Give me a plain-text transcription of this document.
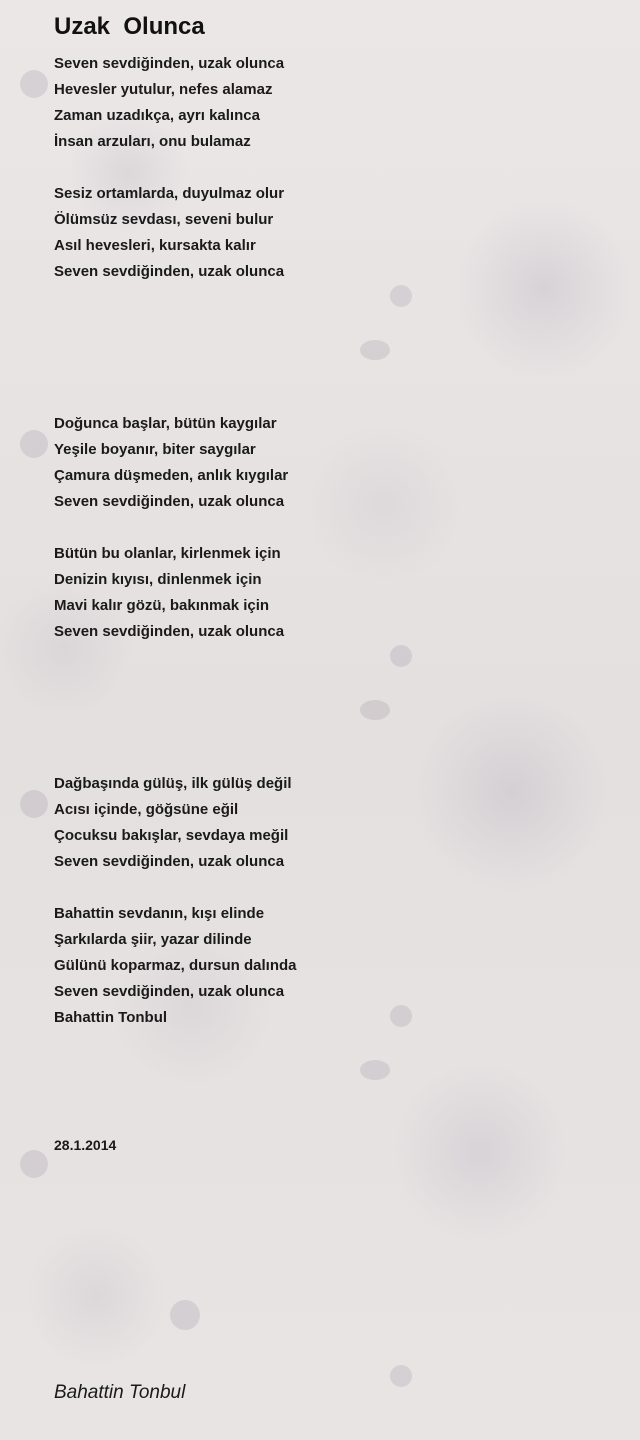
Uzak  Olunca
Seven sevdiğinden, uzak olunca
Hevesler yutulur, nefes alamaz
Zaman uzadıkça, ayrı kalınca
İnsan arzuları, onu bulamaz
Sesiz ortamlarda, duyulmaz olur
Ölümsüz sevdası, seveni bulur
Asıl hevesleri, kursakta kalır
Seven sevdiğinden, uzak olunca
Doğunca başlar, bütün kaygılar
Yeşile boyanır, biter saygılar
Çamura düşmeden, anlık kıygılar
Seven sevdiğinden, uzak olunca
Bütün bu olanlar, kirlenmek için
Denizin kıyısı, dinlenmek için
Mavi kalır gözü, bakınmak için
Seven sevdiğinden, uzak olunca
Dağbaşında gülüş, ilk gülüş değil
Acısı içinde, göğsüne eğil
Çocuksu bakışlar, sevdaya meğil
Seven sevdiğinden, uzak olunca
Bahattin sevdanın, kışı elinde
Şarkılarda şiir, yazar dilinde
Gülünü koparmaz, dursun dalında
Seven sevdiğinden, uzak olunca
Bahattin Tonbul
28.1.2014
Bahattin Tonbul
